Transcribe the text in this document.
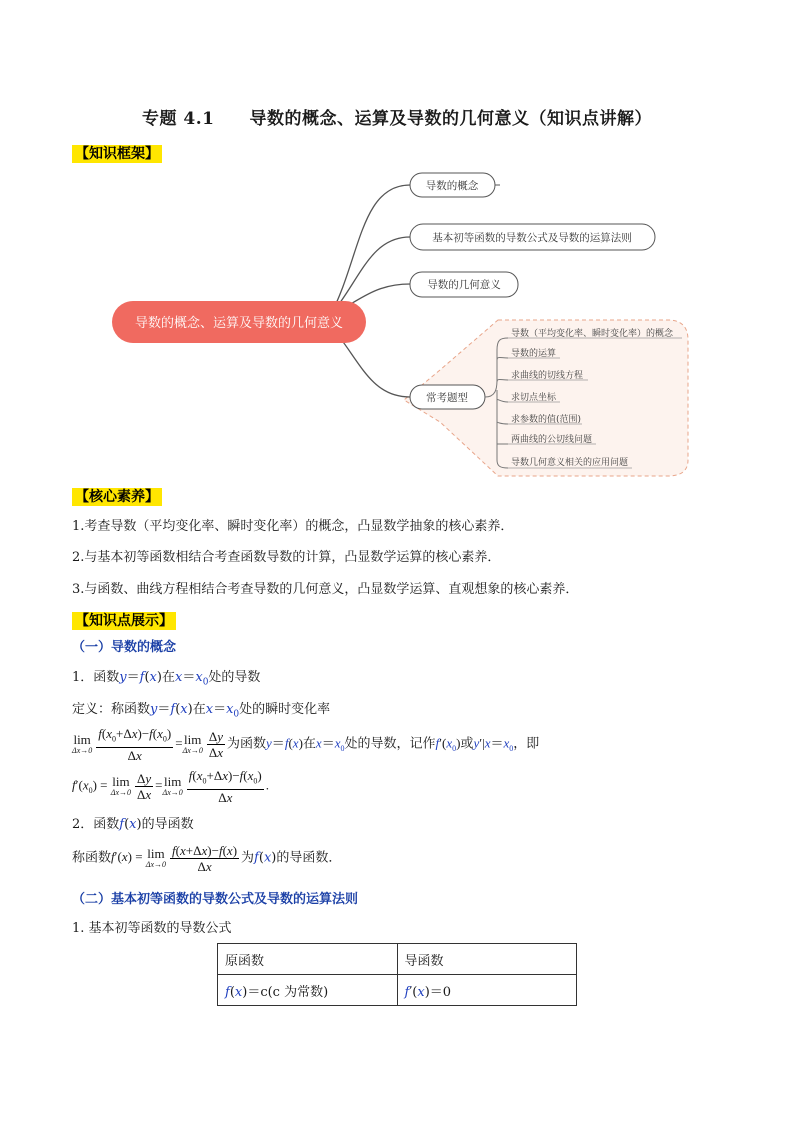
专题 4.1　　导数的概念、运算及导数的几何意义（知识点讲解）
【知识框架】
导数的概念、运算及导数的几何意义
导数的概念
基本初等函数的导数公式及导数的运算法则
导数的几何意义
常考题型
导数（平均变化率、瞬时变化率）的概念
导数的运算
求曲线的切线方程
求切点坐标
求参数的值(范围)
两曲线的公切线问题
导数几何意义相关的应用问题
【核心素养】
1.考查导数（平均变化率、瞬时变化率）的概念，凸显数学抽象的核心素养．
2.与基本初等函数相结合考查函数导数的计算，凸显数学运算的核心素养．
3.与函数、曲线方程相结合考查导数的几何意义，凸显数学运算、直观想象的核心素养．
【知识点展示】
（一）导数的概念
1．函数y＝f(x)在$x=x_0$处的导数
定义：称函数y＝f(x)在$x=x_0$处的瞬时变化率
lim
$\Delta x\to 0 \frac{f(x_0+\Delta x)-f(x_0)}{\Delta x} =\lim$
$\Delta x\to 0 \frac{\Delta y}{\Delta x}$ 为函数y＝f(x)在$x=x_0$处的导数，记作$f'(x_0)$或$y'|x=x_0$，即
$f'(x_0) = \lim$
$\Delta x\to 0 \frac{\Delta y}{\Delta x} =\lim$
$\Delta x\to 0 \frac{f(x_0+\Delta x)-f(x_0)}{\Delta x}$ .
2．函数f(x)的导函数
称函数f′(x) = lim
$\Delta x\to 0 \frac{f(x+\Delta x)-f(x)}{\Delta x}$ 为f(x)的导函数．
（二）基本初等函数的导数公式及导数的运算法则
1. 基本初等函数的导数公式
原函数	导函数
f(x)＝c(c 为常数)	f′(x)＝0
